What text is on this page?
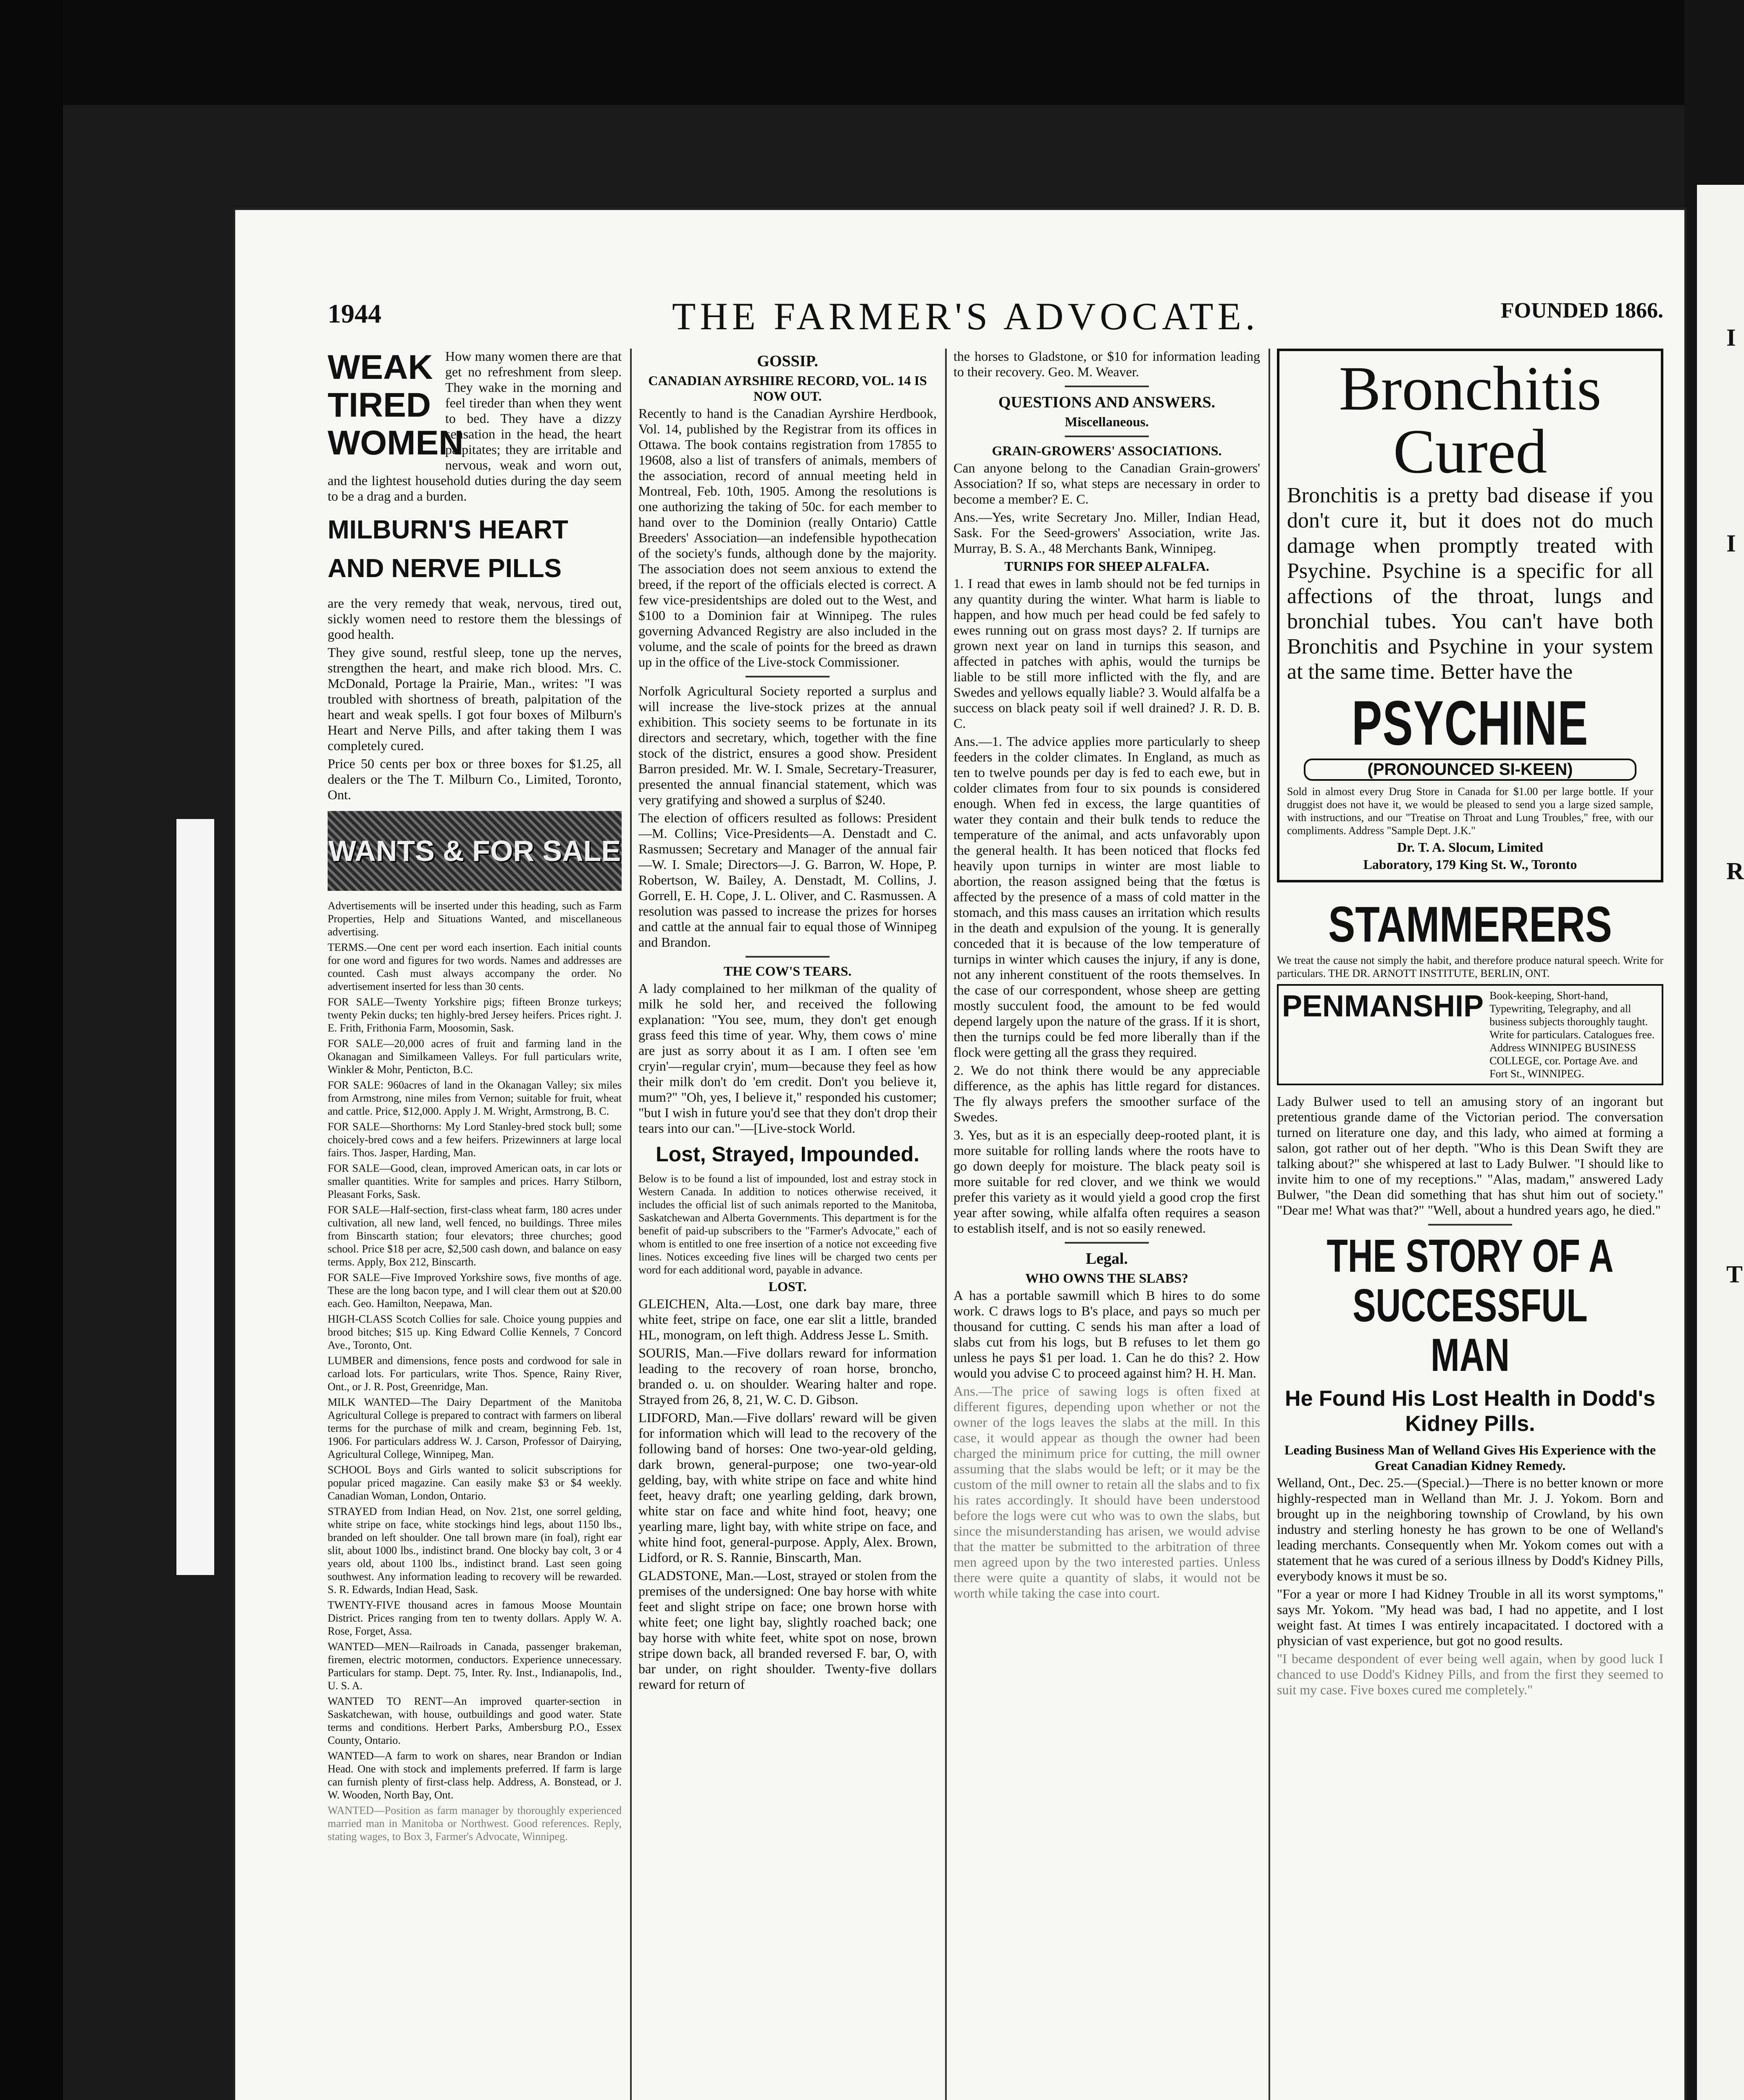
I
I
R
T
1944	THE FARMER'S ADVOCATE.	FOUNDED 1866.
WEAK TIRED WOMEN

How many women there are that get no refreshment from sleep. They wake in the morning and feel tireder than when they went to bed. They have a dizzy sensation in the head, the heart palpitates; they are irritable and nervous, weak and worn out, and the lightest household duties during the day seem to be a drag and a burden.

MILBURN'S HEART AND NERVE PILLS

are the very remedy that weak, nervous, tired out, sickly women need to restore them the blessings of good health.

They give sound, restful sleep, tone up the nerves, strengthen the heart, and make rich blood. Mrs. C. McDonald, Portage la Prairie, Man., writes: "I was troubled with shortness of breath, palpitation of the heart and weak spells. I got four boxes of Milburn's Heart and Nerve Pills, and after taking them I was completely cured.

Price 50 cents per box or three boxes for $1.25, all dealers or the The T. Milburn Co., Limited, Toronto, Ont.

WANTS & FOR SALE

Advertisements will be inserted under this heading, such as Farm Properties, Help and Situations Wanted, and miscellaneous advertising.

TERMS.—One cent per word each insertion. Each initial counts for one word and figures for two words. Names and addresses are counted. Cash must always accompany the order. No advertisement inserted for less than 30 cents.

FOR SALE—Twenty Yorkshire pigs; fifteen Bronze turkeys; twenty Pekin ducks; ten highly-bred Jersey heifers. Prices right. J. E. Frith, Frithonia Farm, Moosomin, Sask.

FOR SALE—20,000 acres of fruit and farming land in the Okanagan and Similkameen Valleys. For full particulars write, Winkler & Mohr, Penticton, B.C.

FOR SALE: 960acres of land in the Okanagan Valley; six miles from Armstrong, nine miles from Vernon; suitable for fruit, wheat and cattle. Price, $12,000. Apply J. M. Wright, Armstrong, B. C.

FOR SALE—Shorthorns: My Lord Stanley-bred stock bull; some choicely-bred cows and a few heifers. Prizewinners at large local fairs. Thos. Jasper, Harding, Man.

FOR SALE—Good, clean, improved American oats, in car lots or smaller quantities. Write for samples and prices. Harry Stilborn, Pleasant Forks, Sask.

FOR SALE—Half-section, first-class wheat farm, 180 acres under cultivation, all new land, well fenced, no buildings. Three miles from Binscarth station; four elevators; three churches; good school. Price $18 per acre, $2,500 cash down, and balance on easy terms. Apply, Box 212, Binscarth.

FOR SALE—Five Improved Yorkshire sows, five months of age. These are the long bacon type, and I will clear them out at $20.00 each. Geo. Hamilton, Neepawa, Man.

HIGH-CLASS Scotch Collies for sale. Choice young puppies and brood bitches; $15 up. King Edward Collie Kennels, 7 Concord Ave., Toronto, Ont.

LUMBER and dimensions, fence posts and cordwood for sale in carload lots. For particulars, write Thos. Spence, Rainy River, Ont., or J. R. Post, Greenridge, Man.

MILK WANTED—The Dairy Department of the Manitoba Agricultural College is prepared to contract with farmers on liberal terms for the purchase of milk and cream, beginning Feb. 1st, 1906. For particulars address W. J. Carson, Professor of Dairying, Agricultural College, Winnipeg, Man.

SCHOOL Boys and Girls wanted to solicit subscriptions for popular priced magazine. Can easily make $3 or $4 weekly. Canadian Woman, London, Ontario.

STRAYED from Indian Head, on Nov. 21st, one sorrel gelding, white stripe on face, white stockings hind legs, about 1150 lbs., branded on left shoulder. One tall brown mare (in foal), right ear slit, about 1000 lbs., indistinct brand. One blocky bay colt, 3 or 4 years old, about 1100 lbs., indistinct brand. Last seen going southwest. Any information leading to recovery will be rewarded. S. R. Edwards, Indian Head, Sask.

TWENTY-FIVE thousand acres in famous Moose Mountain District. Prices ranging from ten to twenty dollars. Apply W. A. Rose, Forget, Assa.

WANTED—MEN—Railroads in Canada, passenger brakeman, firemen, electric motormen, conductors. Experience unnecessary. Particulars for stamp. Dept. 75, Inter. Ry. Inst., Indianapolis, Ind., U. S. A.

WANTED TO RENT—An improved quarter-section in Saskatchewan, with house, outbuildings and good water. State terms and conditions. Herbert Parks, Ambersburg P.O., Essex County, Ontario.

WANTED—A farm to work on shares, near Brandon or Indian Head. One with stock and implements preferred. If farm is large can furnish plenty of first-class help. Address, A. Bonstead, or J. W. Wooden, North Bay, Ont.

WANTED—Position as farm manager by thoroughly experienced married man in Manitoba or Northwest. Good references. Reply, stating wages, to Box 3, Farmer's Advocate, Winnipeg.

GOSSIP.
CANADIAN AYRSHIRE RECORD, VOL. 14 IS NOW OUT.

Recently to hand is the Canadian Ayrshire Herdbook, Vol. 14, published by the Registrar from its offices in Ottawa. The book contains registration from 17855 to 19608, also a list of transfers of animals, members of the association, record of annual meeting held in Montreal, Feb. 10th, 1905. Among the resolutions is one authorizing the taking of 50c. for each member to hand over to the Dominion (really Ontario) Cattle Breeders' Association—an indefensible hypothecation of the society's funds, although done by the majority. The association does not seem anxious to extend the breed, if the report of the officials elected is correct. A few vice-presidentships are doled out to the West, and $100 to a Dominion fair at Winnipeg. The rules governing Advanced Registry are also included in the volume, and the scale of points for the breed as drawn up in the office of the Live-stock Commissioner.

Norfolk Agricultural Society reported a surplus and will increase the live-stock prizes at the annual exhibition. This society seems to be fortunate in its directors and secretary, which, together with the fine stock of the district, ensures a good show. President Barron presided. Mr. W. I. Smale, Secretary-Treasurer, presented the annual financial statement, which was very gratifying and showed a surplus of $240.

The election of officers resulted as follows: President—M. Collins; Vice-Presidents—A. Denstadt and C. Rasmussen; Secretary and Manager of the annual fair—W. I. Smale; Directors—J. G. Barron, W. Hope, P. Robertson, W. Bailey, A. Denstadt, M. Collins, J. Gorrell, E. H. Cope, J. L. Oliver, and C. Rasmussen. A resolution was passed to increase the prizes for horses and cattle at the annual fair to equal those of Winnipeg and Brandon.

THE COW'S TEARS.

A lady complained to her milkman of the quality of milk he sold her, and received the following explanation: "You see, mum, they don't get enough grass feed this time of year. Why, them cows o' mine are just as sorry about it as I am. I often see 'em cryin'—regular cryin', mum—because they feel as how their milk don't do 'em credit. Don't you believe it, mum?" "Oh, yes, I believe it," responded his customer; "but I wish in future you'd see that they don't drop their tears into our can."—[Live-stock World.

Lost, Strayed, Impounded.

Below is to be found a list of impounded, lost and estray stock in Western Canada. In addition to notices otherwise received, it includes the official list of such animals reported to the Manitoba, Saskatchewan and Alberta Governments. This department is for the benefit of paid-up subscribers to the "Farmer's Advocate," each of whom is entitled to one free insertion of a notice not exceeding five lines. Notices exceeding five lines will be charged two cents per word for each additional word, payable in advance.

LOST.

GLEICHEN, Alta.—Lost, one dark bay mare, three white feet, stripe on face, one ear slit a little, branded HL, monogram, on left thigh. Address Jesse L. Smith.

SOURIS, Man.—Five dollars reward for information leading to the recovery of roan horse, broncho, branded o. u. on shoulder. Wearing halter and rope. Strayed from 26, 8, 21, W. C. D. Gibson.

LIDFORD, Man.—Five dollars' reward will be given for information which will lead to the recovery of the following band of horses: One two-year-old gelding, dark brown, general-purpose; one two-year-old gelding, bay, with white stripe on face and white hind feet, heavy draft; one yearling gelding, dark brown, white star on face and white hind foot, heavy; one yearling mare, light bay, with white stripe on face, and white hind foot, general-purpose. Apply, Alex. Brown, Lidford, or R. S. Rannie, Binscarth, Man.

GLADSTONE, Man.—Lost, strayed or stolen from the premises of the undersigned: One bay horse with white feet and slight stripe on face; one brown horse with white feet; one light bay, slightly roached back; one bay horse with white feet, white spot on nose, brown stripe down back, all branded reversed F. bar, O, with bar under, on right shoulder. Twenty-five dollars reward for return of

the horses to Gladstone, or $10 for information leading to their recovery. Geo. M. Weaver.

QUESTIONS AND ANSWERS.
Miscellaneous.
GRAIN-GROWERS' ASSOCIATIONS.

Can anyone belong to the Canadian Grain-growers' Association? If so, what steps are necessary in order to become a member? E. C.

Ans.—Yes, write Secretary Jno. Miller, Indian Head, Sask. For the Seed-growers' Association, write Jas. Murray, B. S. A., 48 Merchants Bank, Winnipeg.

TURNIPS FOR SHEEP ALFALFA.

1. I read that ewes in lamb should not be fed turnips in any quantity during the winter. What harm is liable to happen, and how much per head could be fed safely to ewes running out on grass most days? 2. If turnips are grown next year on land in turnips this season, and affected in patches with aphis, would the turnips be liable to be still more inflicted with the fly, and are Swedes and yellows equally liable? 3. Would alfalfa be a success on black peaty soil if well drained? J. R. D. B. C.

Ans.—1. The advice applies more particularly to sheep feeders in the colder climates. In England, as much as ten to twelve pounds per day is fed to each ewe, but in colder climates from four to six pounds is considered enough. When fed in excess, the large quantities of water they contain and their bulk tends to reduce the temperature of the animal, and acts unfavorably upon the general health. It has been noticed that flocks fed heavily upon turnips in winter are most liable to abortion, the reason assigned being that the fœtus is affected by the presence of a mass of cold matter in the stomach, and this mass causes an irritation which results in the death and expulsion of the young. It is generally conceded that it is because of the low temperature of turnips in winter which causes the injury, if any is done, not any inherent constituent of the roots themselves. In the case of our correspondent, whose sheep are getting mostly succulent food, the amount to be fed would depend largely upon the nature of the grass. If it is short, then the turnips could be fed more liberally than if the flock were getting all the grass they required.

2. We do not think there would be any appreciable difference, as the aphis has little regard for distances. The fly always prefers the smoother surface of the Swedes.

3. Yes, but as it is an especially deep-rooted plant, it is more suitable for rolling lands where the roots have to go down deeply for moisture. The black peaty soil is more suitable for red clover, and we think we would prefer this variety as it would yield a good crop the first year after sowing, while alfalfa often requires a season to establish itself, and is not so easily renewed.

Legal.
WHO OWNS THE SLABS?

A has a portable sawmill which B hires to do some work. C draws logs to B's place, and pays so much per thousand for cutting. C sends his man after a load of slabs cut from his logs, but B refuses to let them go unless he pays $1 per load. 1. Can he do this? 2. How would you advise C to proceed against him? H. H. Man.

Ans.—The price of sawing logs is often fixed at different figures, depending upon whether or not the owner of the logs leaves the slabs at the mill. In this case, it would appear as though the owner had been charged the minimum price for cutting, the mill owner assuming that the slabs would be left; or it may be the custom of the mill owner to retain all the slabs and to fix his rates accordingly. It should have been understood before the logs were cut who was to own the slabs, but since the misunderstanding has arisen, we would advise that the matter be submitted to the arbitration of three men agreed upon by the two interested parties. Unless there were quite a quantity of slabs, it would not be worth while taking the case into court.

Bronchitis Cured

Bronchitis is a pretty bad disease if you don't cure it, but it does not do much damage when promptly treated with Psychine. Psychine is a specific for all affections of the throat, lungs and bronchial tubes. You can't have both Bronchitis and Psychine in your system at the same time. Better have the

PSYCHINE
(PRONOUNCED SI-KEEN)

Sold in almost every Drug Store in Canada for $1.00 per large bottle. If your druggist does not have it, we would be pleased to send you a large sized sample, with instructions, and our "Treatise on Throat and Lung Troubles," free, with our compliments. Address "Sample Dept. J.K."

Dr. T. A. Slocum, Limited
Laboratory, 179 King St. W., Toronto
STAMMERERS

We treat the cause not simply the habit, and therefore produce natural speech. Write for particulars. THE DR. ARNOTT INSTITUTE, BERLIN, ONT.

PENMANSHIP Book-keeping, Short-hand, Typewriting, Telegraphy, and all business subjects thoroughly taught. Write for particulars. Catalogues free. Address WINNIPEG BUSINESS COLLEGE, cor. Portage Ave. and Fort St., WINNIPEG.

Lady Bulwer used to tell an amusing story of an ingorant but pretentious grande dame of the Victorian period. The conversation turned on literature one day, and this lady, who aimed at forming a salon, got rather out of her depth. "Who is this Dean Swift they are talking about?" she whispered at last to Lady Bulwer. "I should like to invite him to one of my receptions." "Alas, madam," answered Lady Bulwer, "the Dean did something that has shut him out of society." "Dear me! What was that?" "Well, about a hundred years ago, he died."

THE STORY OF A SUCCESSFUL MAN
He Found His Lost Health in Dodd's Kidney Pills.
Leading Business Man of Welland Gives His Experience with the Great Canadian Kidney Remedy.

Welland, Ont., Dec. 25.—(Special.)—There is no better known or more highly-respected man in Welland than Mr. J. J. Yokom. Born and brought up in the neighboring township of Crowland, by his own industry and sterling honesty he has grown to be one of Welland's leading merchants. Consequently when Mr. Yokom comes out with a statement that he was cured of a serious illness by Dodd's Kidney Pills, everybody knows it must be so.

"For a year or more I had Kidney Trouble in all its worst symptoms," says Mr. Yokom. "My head was bad, I had no appetite, and I lost weight fast. At times I was entirely incapacitated. I doctored with a physician of vast experience, but got no good results.

"I became despondent of ever being well again, when by good luck I chanced to use Dodd's Kidney Pills, and from the first they seemed to suit my case. Five boxes cured me completely."
